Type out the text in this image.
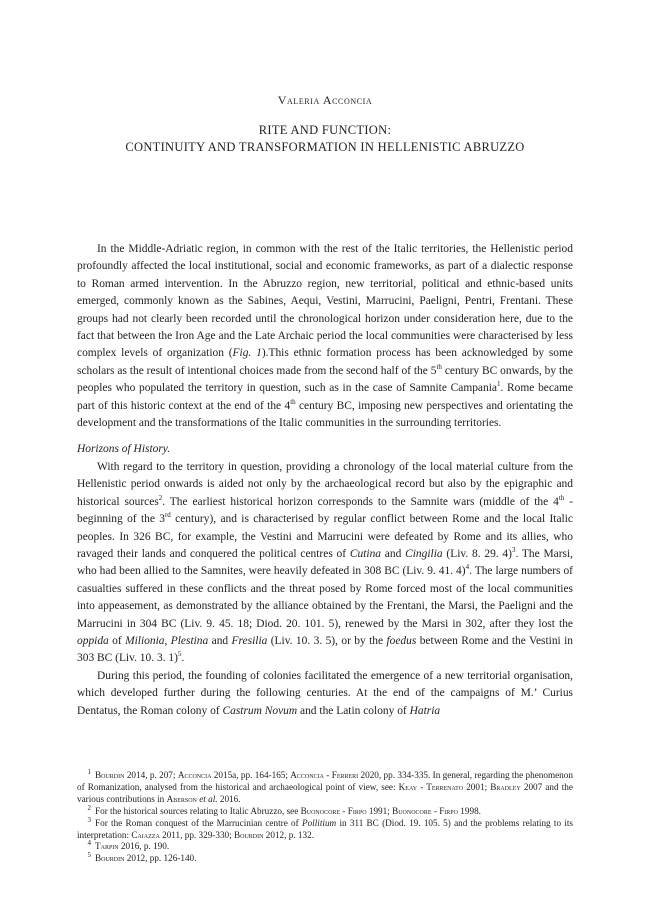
Valeria Acconcia
RITE AND FUNCTION:
CONTINUITY AND TRANSFORMATION IN HELLENISTIC ABRUZZO

In the Middle-Adriatic region, in common with the rest of the Italic territories, the Hellenistic period profoundly affected the local institutional, social and economic frameworks, as part of a dialectic response to Roman armed intervention. In the Abruzzo region, new territorial, political and ethnic-based units emerged, commonly known as the Sabines, Aequi, Vestini, Marrucini, Paeligni, Pentri, Frentani. These groups had not clearly been recorded until the chronological horizon under consideration here, due to the fact that between the Iron Age and the Late Archaic period the local communities were characterised by less complex levels of organization (Fig. 1).This ethnic formation process has been acknowledged by some scholars as the result of intentional choices made from the second half of the 5th century BC onwards, by the peoples who populated the territory in question, such as in the case of Samnite Campania$^1$. Rome became part of this historic context at the end of the 4th century BC, imposing new perspectives and orientating the development and the transformations of the Italic communities in the surrounding territories.

Horizons of History.

With regard to the territory in question, providing a chronology of the local material culture from the Hellenistic period onwards is aided not only by the archaeological record but also by the epigraphic and historical sources$^2$. The earliest historical horizon corresponds to the Samnite wars (middle of the 4th - beginning of the 3rd century), and is characterised by regular conflict between Rome and the local Italic peoples. In 326 BC, for example, the Vestini and Marrucini were defeated by Rome and its allies, who ravaged their lands and conquered the political centres of Cutina and Cingilia (Liv. 8. 29. 4)$^3$. The Marsi, who had been allied to the Samnites, were heavily defeated in 308 BC (Liv. 9. 41. 4)$^4$. The large numbers of casualties suffered in these conflicts and the threat posed by Rome forced most of the local communities into appeasement, as demonstrated by the alliance obtained by the Frentani, the Marsi, the Paeligni and the Marrucini in 304 BC (Liv. 9. 45. 18; Diod. 20. 101. 5), renewed by the Marsi in 302, after they lost the oppida of Milionia, Plestina and Fresilia (Liv. 10. 3. 5), or by the foedus between Rome and the Vestini in 303 BC (Liv. 10. 3. 1)$^5$.

During this period, the founding of colonies facilitated the emergence of a new territorial organisation, which developed further during the following centuries. At the end of the campaigns of M.’ Curius Dentatus, the Roman colony of Castrum Novum and the Latin colony of Hatria

1 Bourdin 2014, p. 207; Acconcia 2015a, pp. 164-165; Acconcia - Ferreri 2020, pp. 334-335. In general, regarding the phenomenon of Romanization, analysed from the historical and archaeological point of view, see: Keay - Terrenato 2001; Bradley 2007 and the various contributions in Aberson et al. 2016.

2 For the historical sources relating to Italic Abruzzo, see Buonocore - Firpo 1991; Buonocore - Firpo 1998.

3 For the Roman conquest of the Marrucinian centre of Pollitium in 311 BC (Diod. 19. 105. 5) and the problems relating to its interpretation: Caiazza 2011, pp. 329-330; Bourdin 2012, p. 132.

4 Tarpin 2016, p. 190.

5 Bourdin 2012, pp. 126-140.
